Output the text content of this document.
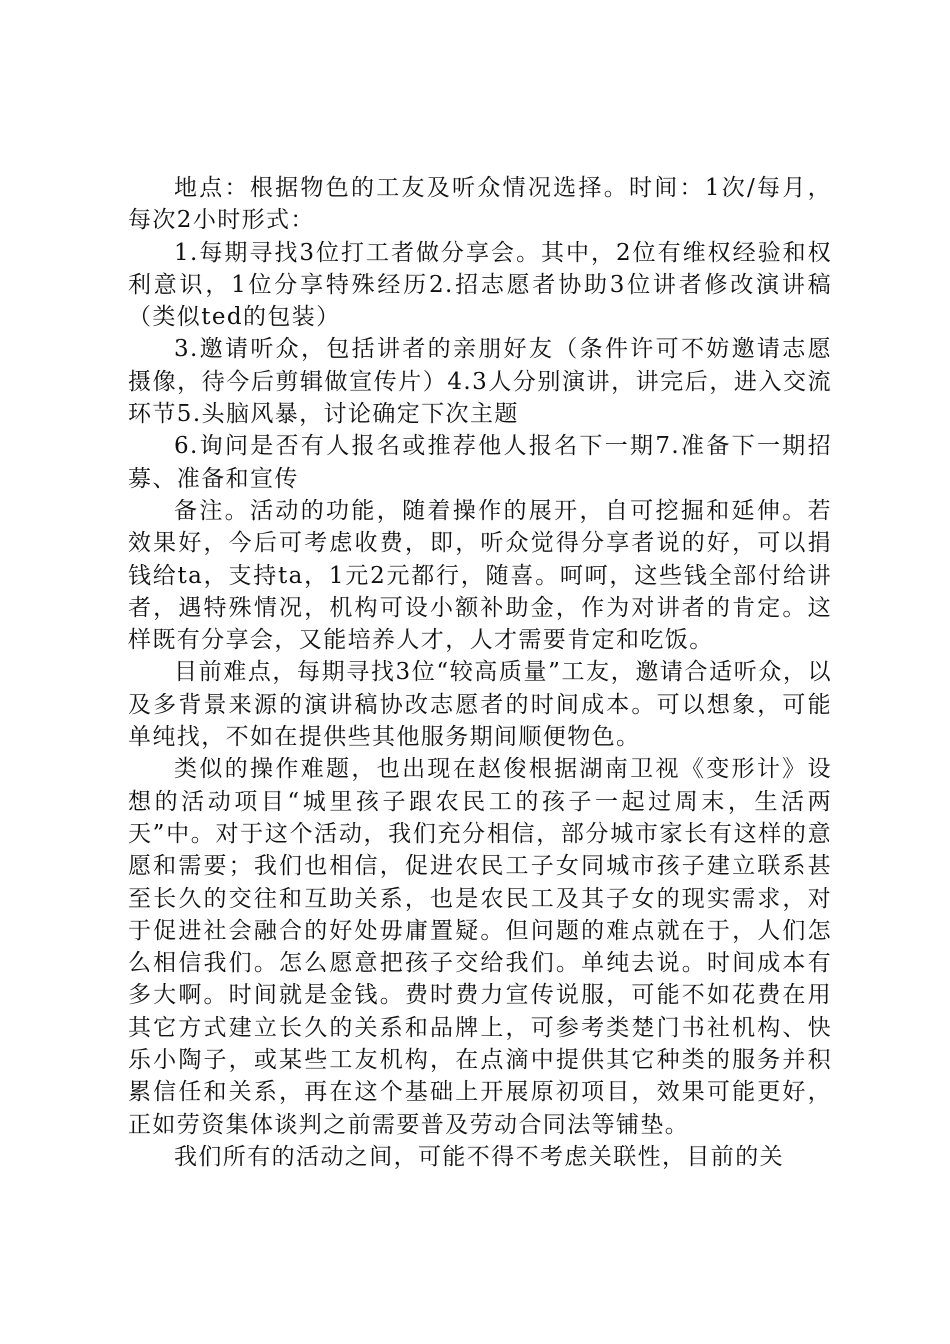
地点：根据物色的工友及听众情况选择。时间：1次/每月，每次2小时形式：

1.每期寻找3位打工者做分享会。其中，2位有维权经验和权利意识，1位分享特殊经历2.招志愿者协助3位讲者修改演讲稿（类似ted的包装）

3.邀请听众，包括讲者的亲朋好友（条件许可不妨邀请志愿摄像，待今后剪辑做宣传片）4.3人分别演讲，讲完后，进入交流环节5.头脑风暴，讨论确定下次主题

6.询问是否有人报名或推荐他人报名下一期7.准备下一期招募、准备和宣传

备注。活动的功能，随着操作的展开，自可挖掘和延伸。若效果好，今后可考虑收费，即，听众觉得分享者说的好，可以捐钱给ta，支持ta，1元2元都行，随喜。呵呵，这些钱全部付给讲者，遇特殊情况，机构可设小额补助金，作为对讲者的肯定。这样既有分享会，又能培养人才，人才需要肯定和吃饭。

目前难点，每期寻找3位“较高质量”工友，邀请合适听众，以及多背景来源的演讲稿协改志愿者的时间成本。可以想象，可能单纯找，不如在提供些其他服务期间顺便物色。

类似的操作难题，也出现在赵俊根据湖南卫视《变形计》设想的活动项目“城里孩子跟农民工的孩子一起过周末，生活两天”中。对于这个活动，我们充分相信，部分城市家长有这样的意愿和需要；我们也相信，促进农民工子女同城市孩子建立联系甚至长久的交往和互助关系，也是农民工及其子女的现实需求，对于促进社会融合的好处毋庸置疑。但问题的难点就在于，人们怎么相信我们。怎么愿意把孩子交给我们。单纯去说。时间成本有多大啊。时间就是金钱。费时费力宣传说服，可能不如花费在用其它方式建立长久的关系和品牌上，可参考类楚门书社机构、快乐小陶子，或某些工友机构，在点滴中提供其它种类的服务并积累信任和关系，再在这个基础上开展原初项目，效果可能更好，正如劳资集体谈判之前需要普及劳动合同法等铺垫。

我们所有的活动之间，可能不得不考虑关联性，目前的关
